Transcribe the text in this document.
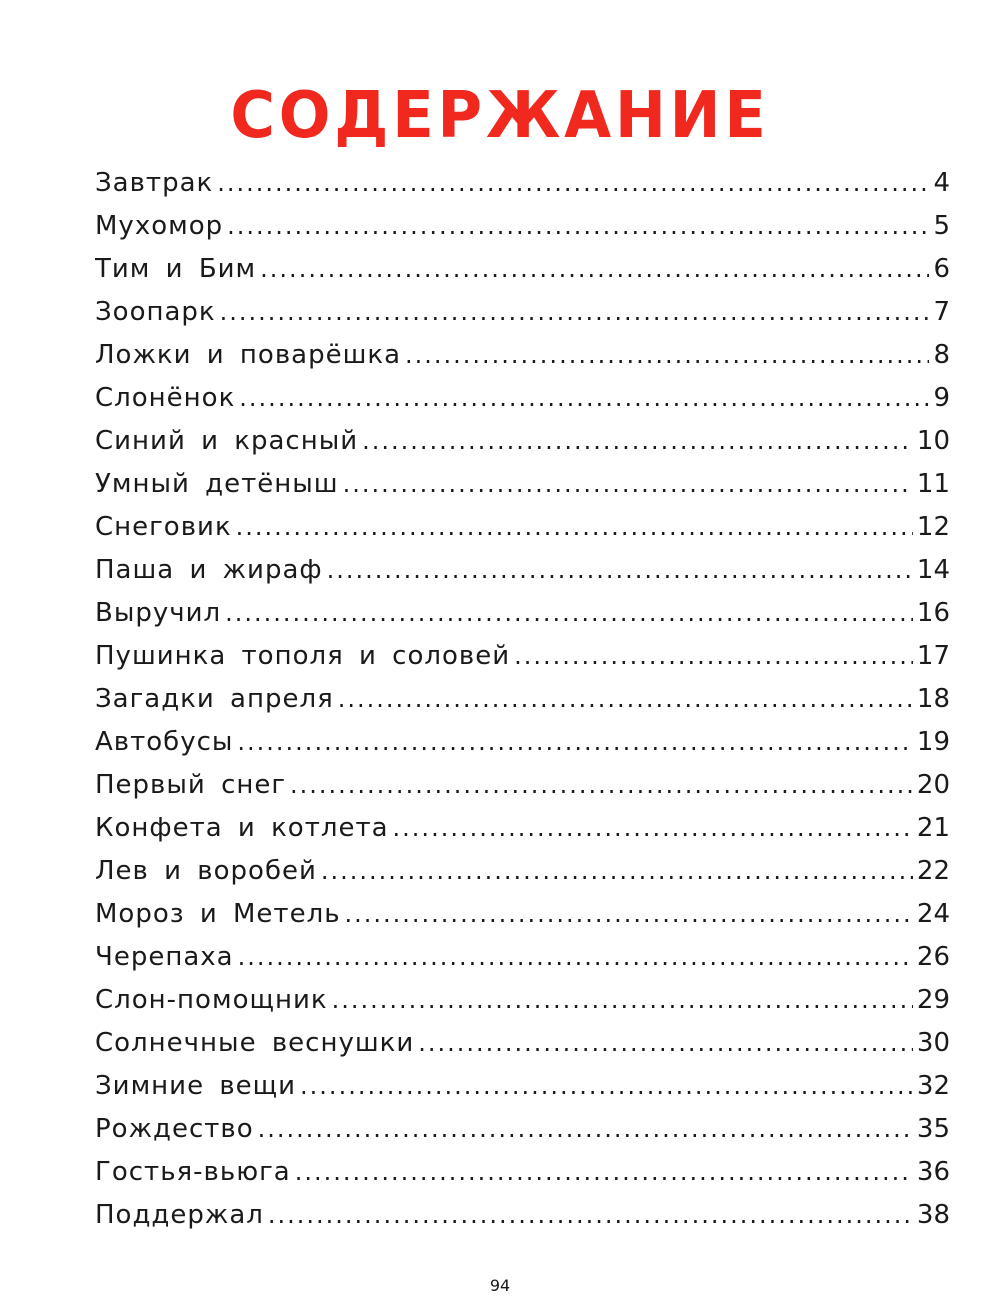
СОДЕРЖАНИЕ
Завтрак .....	4
Мухомор .....	5
Тим и Бим .....	6
Зоопарк .....	7
Ложки и поварёшка .....	8
Слонёнок .....	9
Синий и красный .....	10
Умный детёныш .....	11
Снеговик .....	12
Паша и жираф .....	14
Выручил .....	16
Пушинка тополя и соловей .....	17
Загадки апреля .....	18
Автобусы .....	19
Первый снег .....	20
Конфета и котлета .....	21
Лев и воробей .....	22
Мороз и Метель .....	24
Черепаха .....	26
Слон-помощник .....	29
Солнечные веснушки .....	30
Зимние вещи .....	32
Рождество .....	35
Гостья-вьюга .....	36
Поддержал .....	38
94
